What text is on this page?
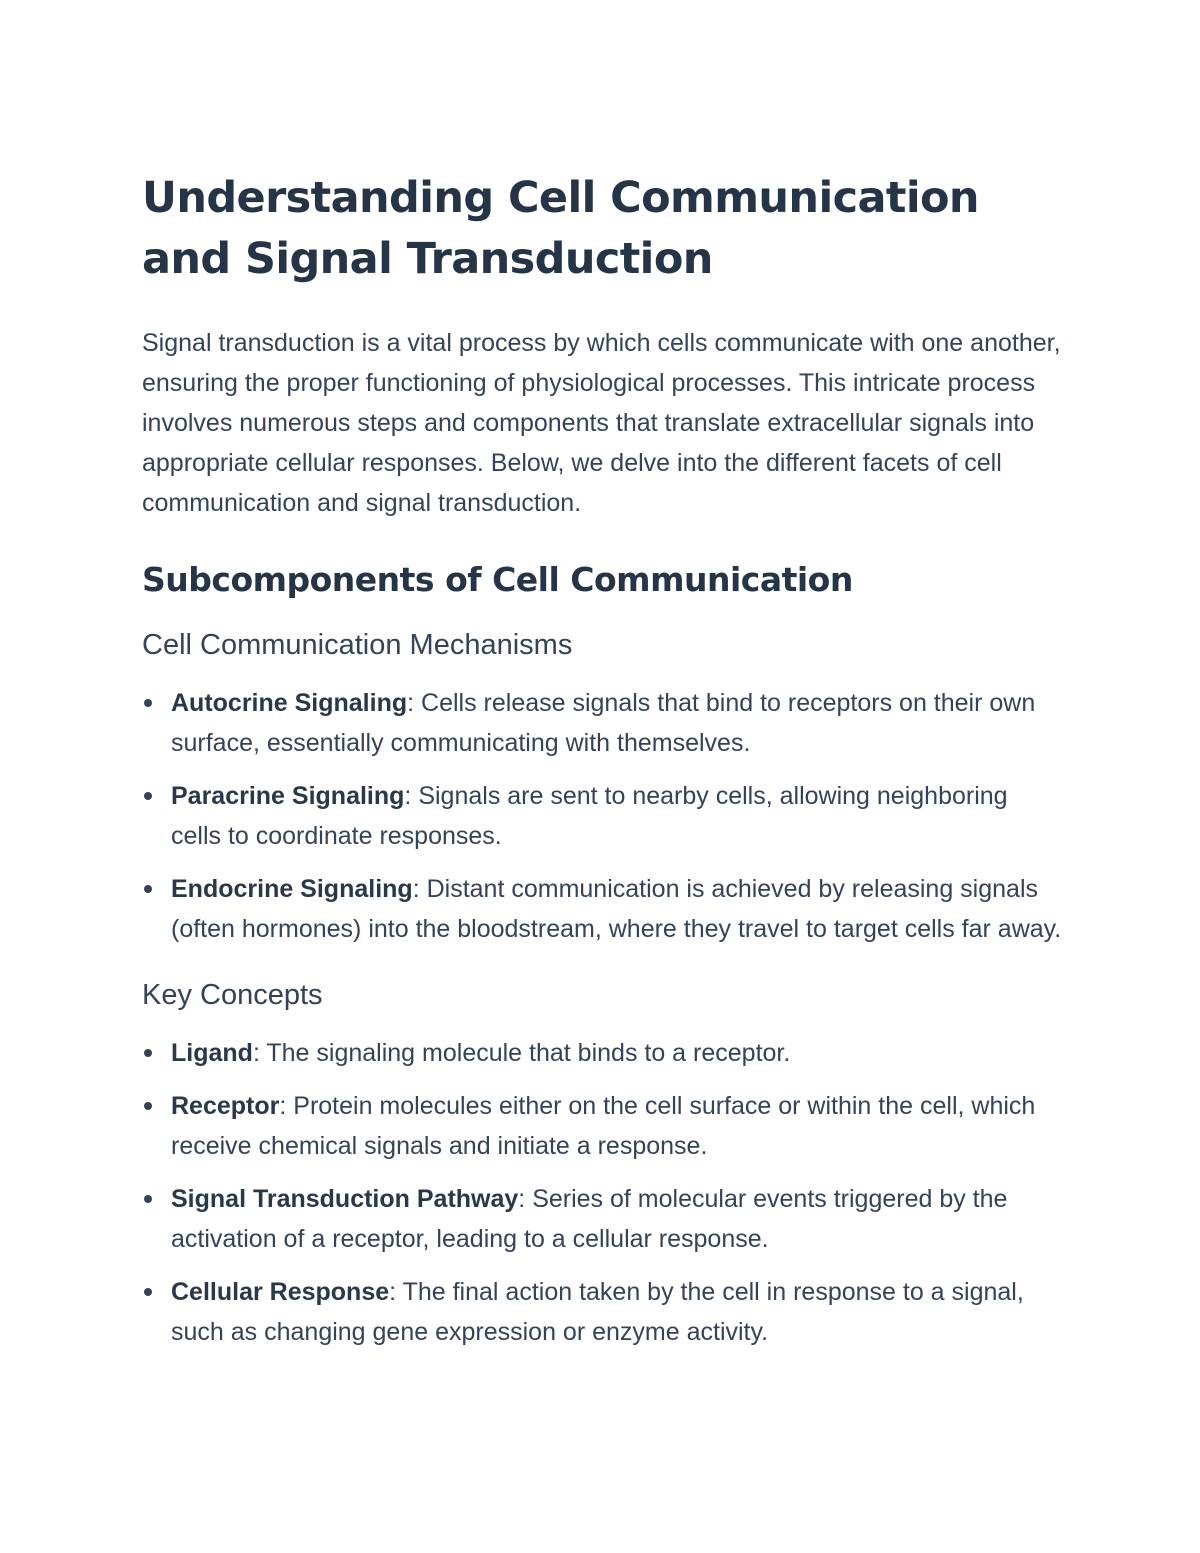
Understanding Cell Communication and Signal Transduction

Signal transduction is a vital process by which cells communicate with one another, ensuring the proper functioning of physiological processes. This intricate process involves numerous steps and components that translate extracellular signals into appropriate cellular responses. Below, we delve into the different facets of cell communication and signal transduction.

Subcomponents of Cell Communication
Cell Communication Mechanisms
Autocrine Signaling: Cells release signals that bind to receptors on their own surface, essentially communicating with themselves.
Paracrine Signaling: Signals are sent to nearby cells, allowing neighboring cells to coordinate responses.
Endocrine Signaling: Distant communication is achieved by releasing signals (often hormones) into the bloodstream, where they travel to target cells far away.
Key Concepts
Ligand: The signaling molecule that binds to a receptor.
Receptor: Protein molecules either on the cell surface or within the cell, which receive chemical signals and initiate a response.
Signal Transduction Pathway: Series of molecular events triggered by the activation of a receptor, leading to a cellular response.
Cellular Response: The final action taken by the cell in response to a signal, such as changing gene expression or enzyme activity.
